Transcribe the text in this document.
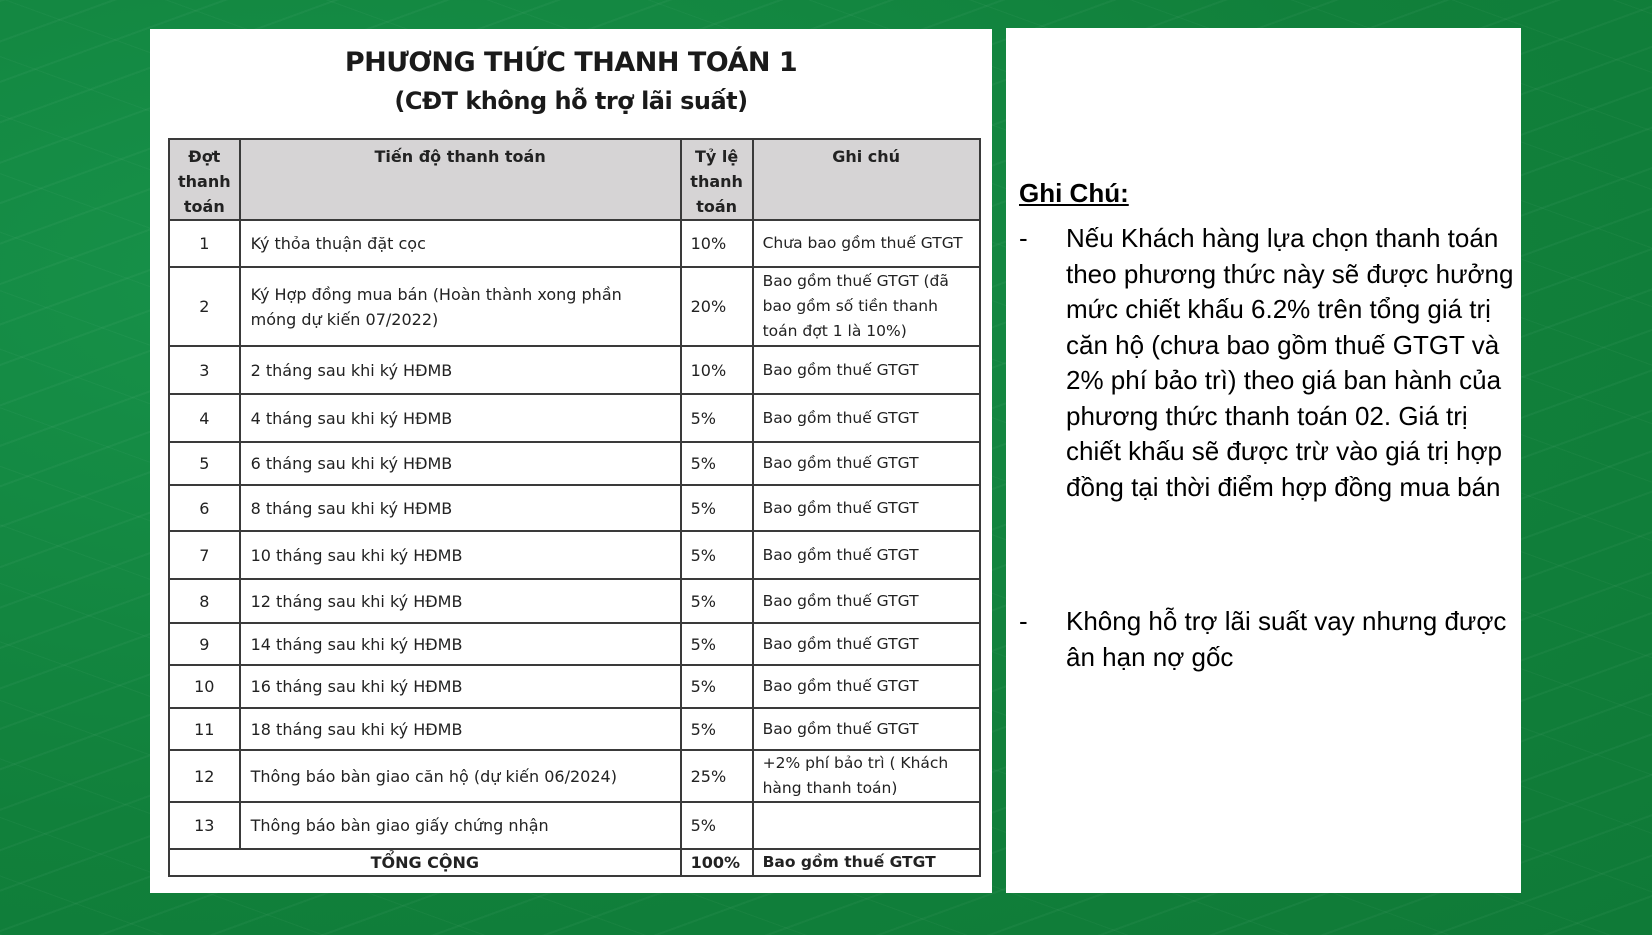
PHƯƠNG THỨC THANH TOÁN 1
(CĐT không hỗ trợ lãi suất)
Đợt thanh toán	Tiến độ thanh toán	Tỷ lệ thanh toán	Ghi chú
1	Ký thỏa thuận đặt cọc	10%	Chưa bao gồm thuế GTGT
2	Ký Hợp đồng mua bán (Hoàn thành xong phần móng dự kiến 07/2022)	20%	Bao gồm thuế GTGT (đã bao gồm số tiền thanh toán đợt 1 là 10%)
3	2 tháng sau khi ký HĐMB	10%	Bao gồm thuế GTGT
4	4 tháng sau khi ký HĐMB	5%	Bao gồm thuế GTGT
5	6 tháng sau khi ký HĐMB	5%	Bao gồm thuế GTGT
6	8 tháng sau khi ký HĐMB	5%	Bao gồm thuế GTGT
7	10 tháng sau khi ký HĐMB	5%	Bao gồm thuế GTGT
8	12 tháng sau khi ký HĐMB	5%	Bao gồm thuế GTGT
9	14 tháng sau khi ký HĐMB	5%	Bao gồm thuế GTGT
10	16 tháng sau khi ký HĐMB	5%	Bao gồm thuế GTGT
11	18 tháng sau khi ký HĐMB	5%	Bao gồm thuế GTGT
12	Thông báo bàn giao căn hộ (dự kiến 06/2024)	25%	+2% phí bảo trì ( Khách hàng thanh toán)
13	Thông báo bàn giao giấy chứng nhận	5%	
TỔNG CỘNG		100%	Bao gồm thuế GTGT
Ghi Chú:
- Nếu Khách hàng lựa chọn thanh toán theo phương thức này sẽ được hưởng mức chiết khấu 6.2% trên tổng giá trị căn hộ (chưa bao gồm thuế GTGT và 2% phí bảo trì) theo giá ban hành của phương thức thanh toán 02. Giá trị chiết khấu sẽ được trừ vào giá trị hợp đồng tại thời điểm hợp đồng mua bán
- Không hỗ trợ lãi suất vay nhưng được ân hạn nợ gốc
